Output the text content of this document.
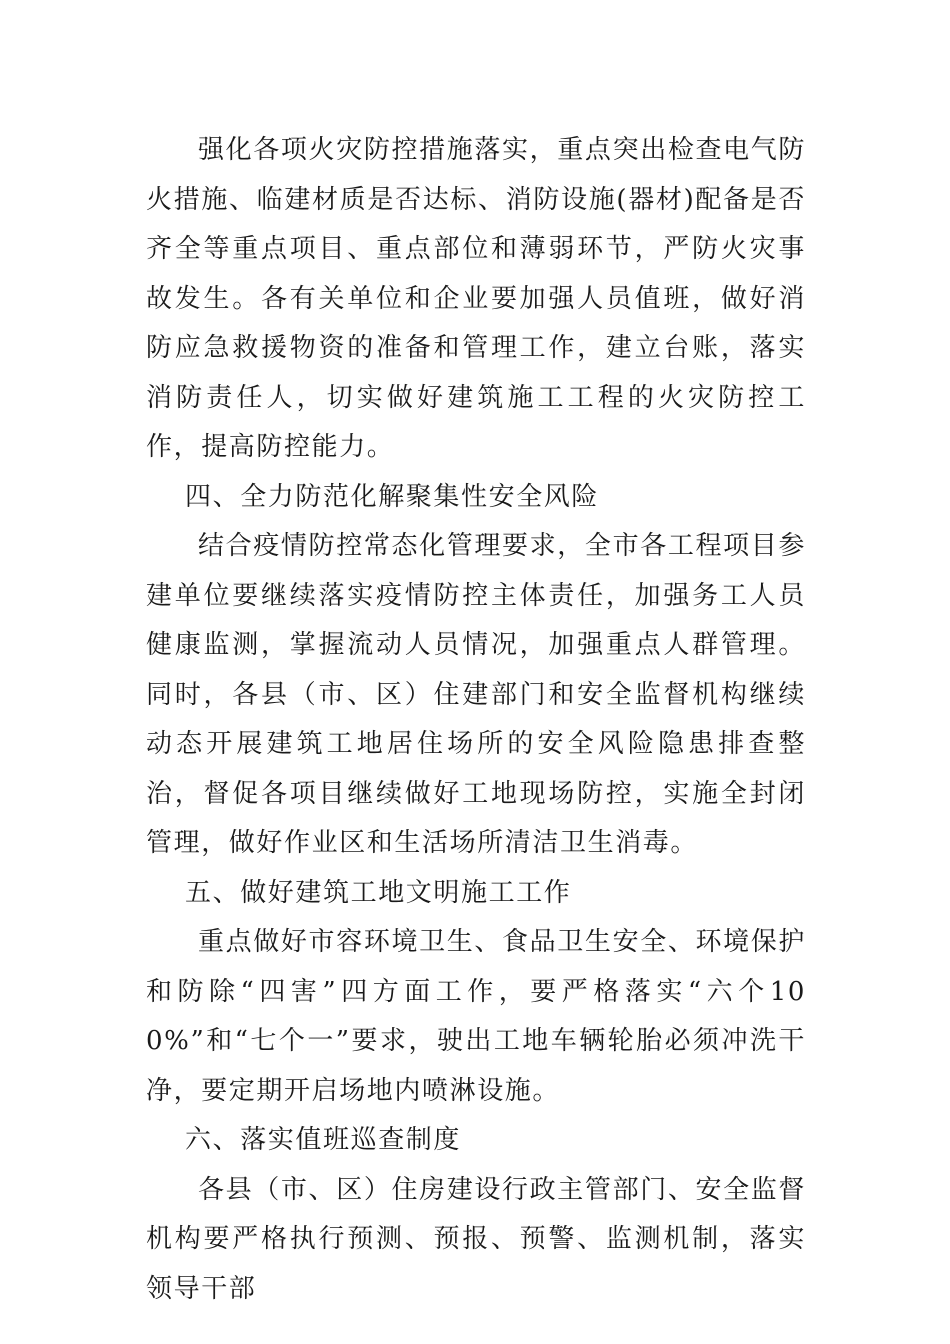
强化各项火灾防控措施落实，重点突出检查电气防火措施、临建材质是否达标、消防设施(器材)配备是否齐全等重点项目、重点部位和薄弱环节，严防火灾事故发生。各有关单位和企业要加强人员值班，做好消防应急救援物资的准备和管理工作，建立台账，落实消防责任人，切实做好建筑施工工程的火灾防控工作，提高防控能力。

四、全力防范化解聚集性安全风险

结合疫情防控常态化管理要求，全市各工程项目参建单位要继续落实疫情防控主体责任，加强务工人员健康监测，掌握流动人员情况，加强重点人群管理。同时，各县（市、区）住建部门和安全监督机构继续动态开展建筑工地居住场所的安全风险隐患排查整治，督促各项目继续做好工地现场防控，实施全封闭管理，做好作业区和生活场所清洁卫生消毒。

五、做好建筑工地文明施工工作

重点做好市容环境卫生、食品卫生安全、环境保护和防除“四害”四方面工作，要严格落实“六个100%”和“七个一”要求，驶出工地车辆轮胎必须冲洗干净，要定期开启场地内喷淋设施。

六、落实值班巡查制度

各县（市、区）住房建设行政主管部门、安全监督机构要严格执行预测、预报、预警、监测机制，落实领导干部
